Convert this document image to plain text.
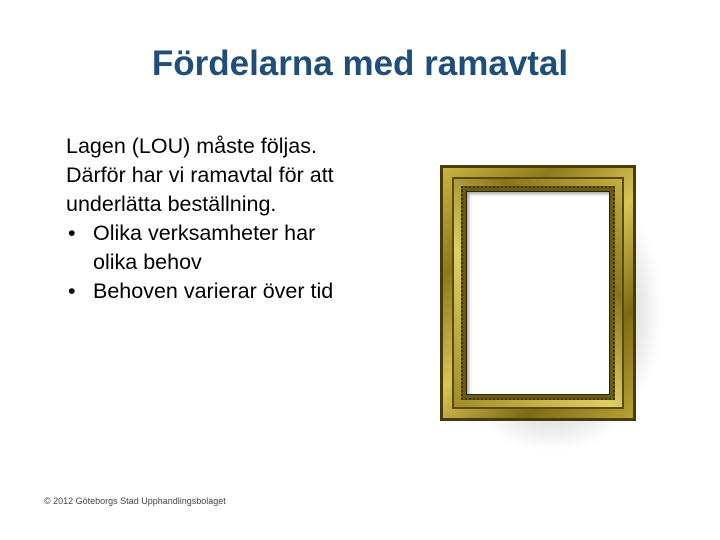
Fördelarna med ramavtal
Lagen (LOU) måste följas.
Därför har vi ramavtal för att
underlätta beställning.
• Olika verksamheter har
olika behov
• Behoven varierar över tid
© 2012 Göteborgs Stad Upphandlingsbolaget
